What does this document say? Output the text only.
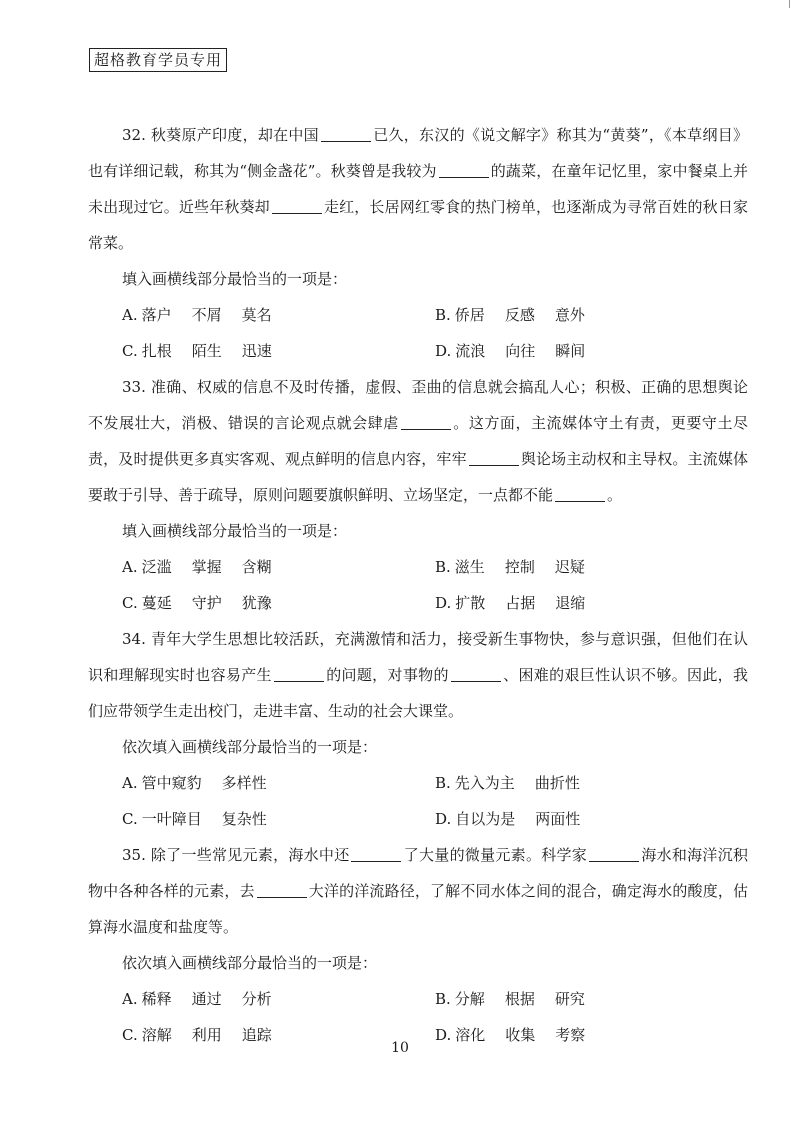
超格教育学员专用

32. 秋葵原产印度，却在中国	已久，东汉的《说文解字》称其为“黄葵”，《本草纲目》也有详细记载，称其为“侧金盏花”。秋葵曾是我较为	的蔬菜，在童年记忆里，家中餐桌上并未出现过它。近些年秋葵却	走红，长居网红零食的热门榜单，也逐渐成为寻常百姓的秋日家常菜。

填入画横线部分最恰当的一项是：

A. 落户 不屑 莫名	B. 侨居 反感 意外
C. 扎根 陌生 迅速	D. 流浪 向往 瞬间

33. 准确、权威的信息不及时传播，虚假、歪曲的信息就会搞乱人心；积极、正确的思想舆论不发展壮大，消极、错误的言论观点就会肆虐	。这方面，主流媒体守土有责，更要守土尽责，及时提供更多真实客观、观点鲜明的信息内容，牢牢	舆论场主动权和主导权。主流媒体要敢于引导、善于疏导，原则问题要旗帜鲜明、立场坚定，一点都不能	。

填入画横线部分最恰当的一项是：

A. 泛滥 掌握 含糊	B. 滋生 控制 迟疑
C. 蔓延 守护 犹豫	D. 扩散 占据 退缩

34. 青年大学生思想比较活跃，充满激情和活力，接受新生事物快，参与意识强，但他们在认识和理解现实时也容易产生	的问题，对事物的	、困难的艰巨性认识不够。因此，我们应带领学生走出校门，走进丰富、生动的社会大课堂。

依次填入画横线部分最恰当的一项是：

A. 管中窥豹 多样性	B. 先入为主 曲折性
C. 一叶障目 复杂性	D. 自以为是 两面性

35. 除了一些常见元素，海水中还	了大量的微量元素。科学家	海水和海洋沉积物中各种各样的元素，去	大洋的洋流路径，了解不同水体之间的混合，确定海水的酸度，估算海水温度和盐度等。

依次填入画横线部分最恰当的一项是：

A. 稀释 通过 分析	B. 分解 根据 研究
C. 溶解 利用 追踪	D. 溶化 收集 考察
10
